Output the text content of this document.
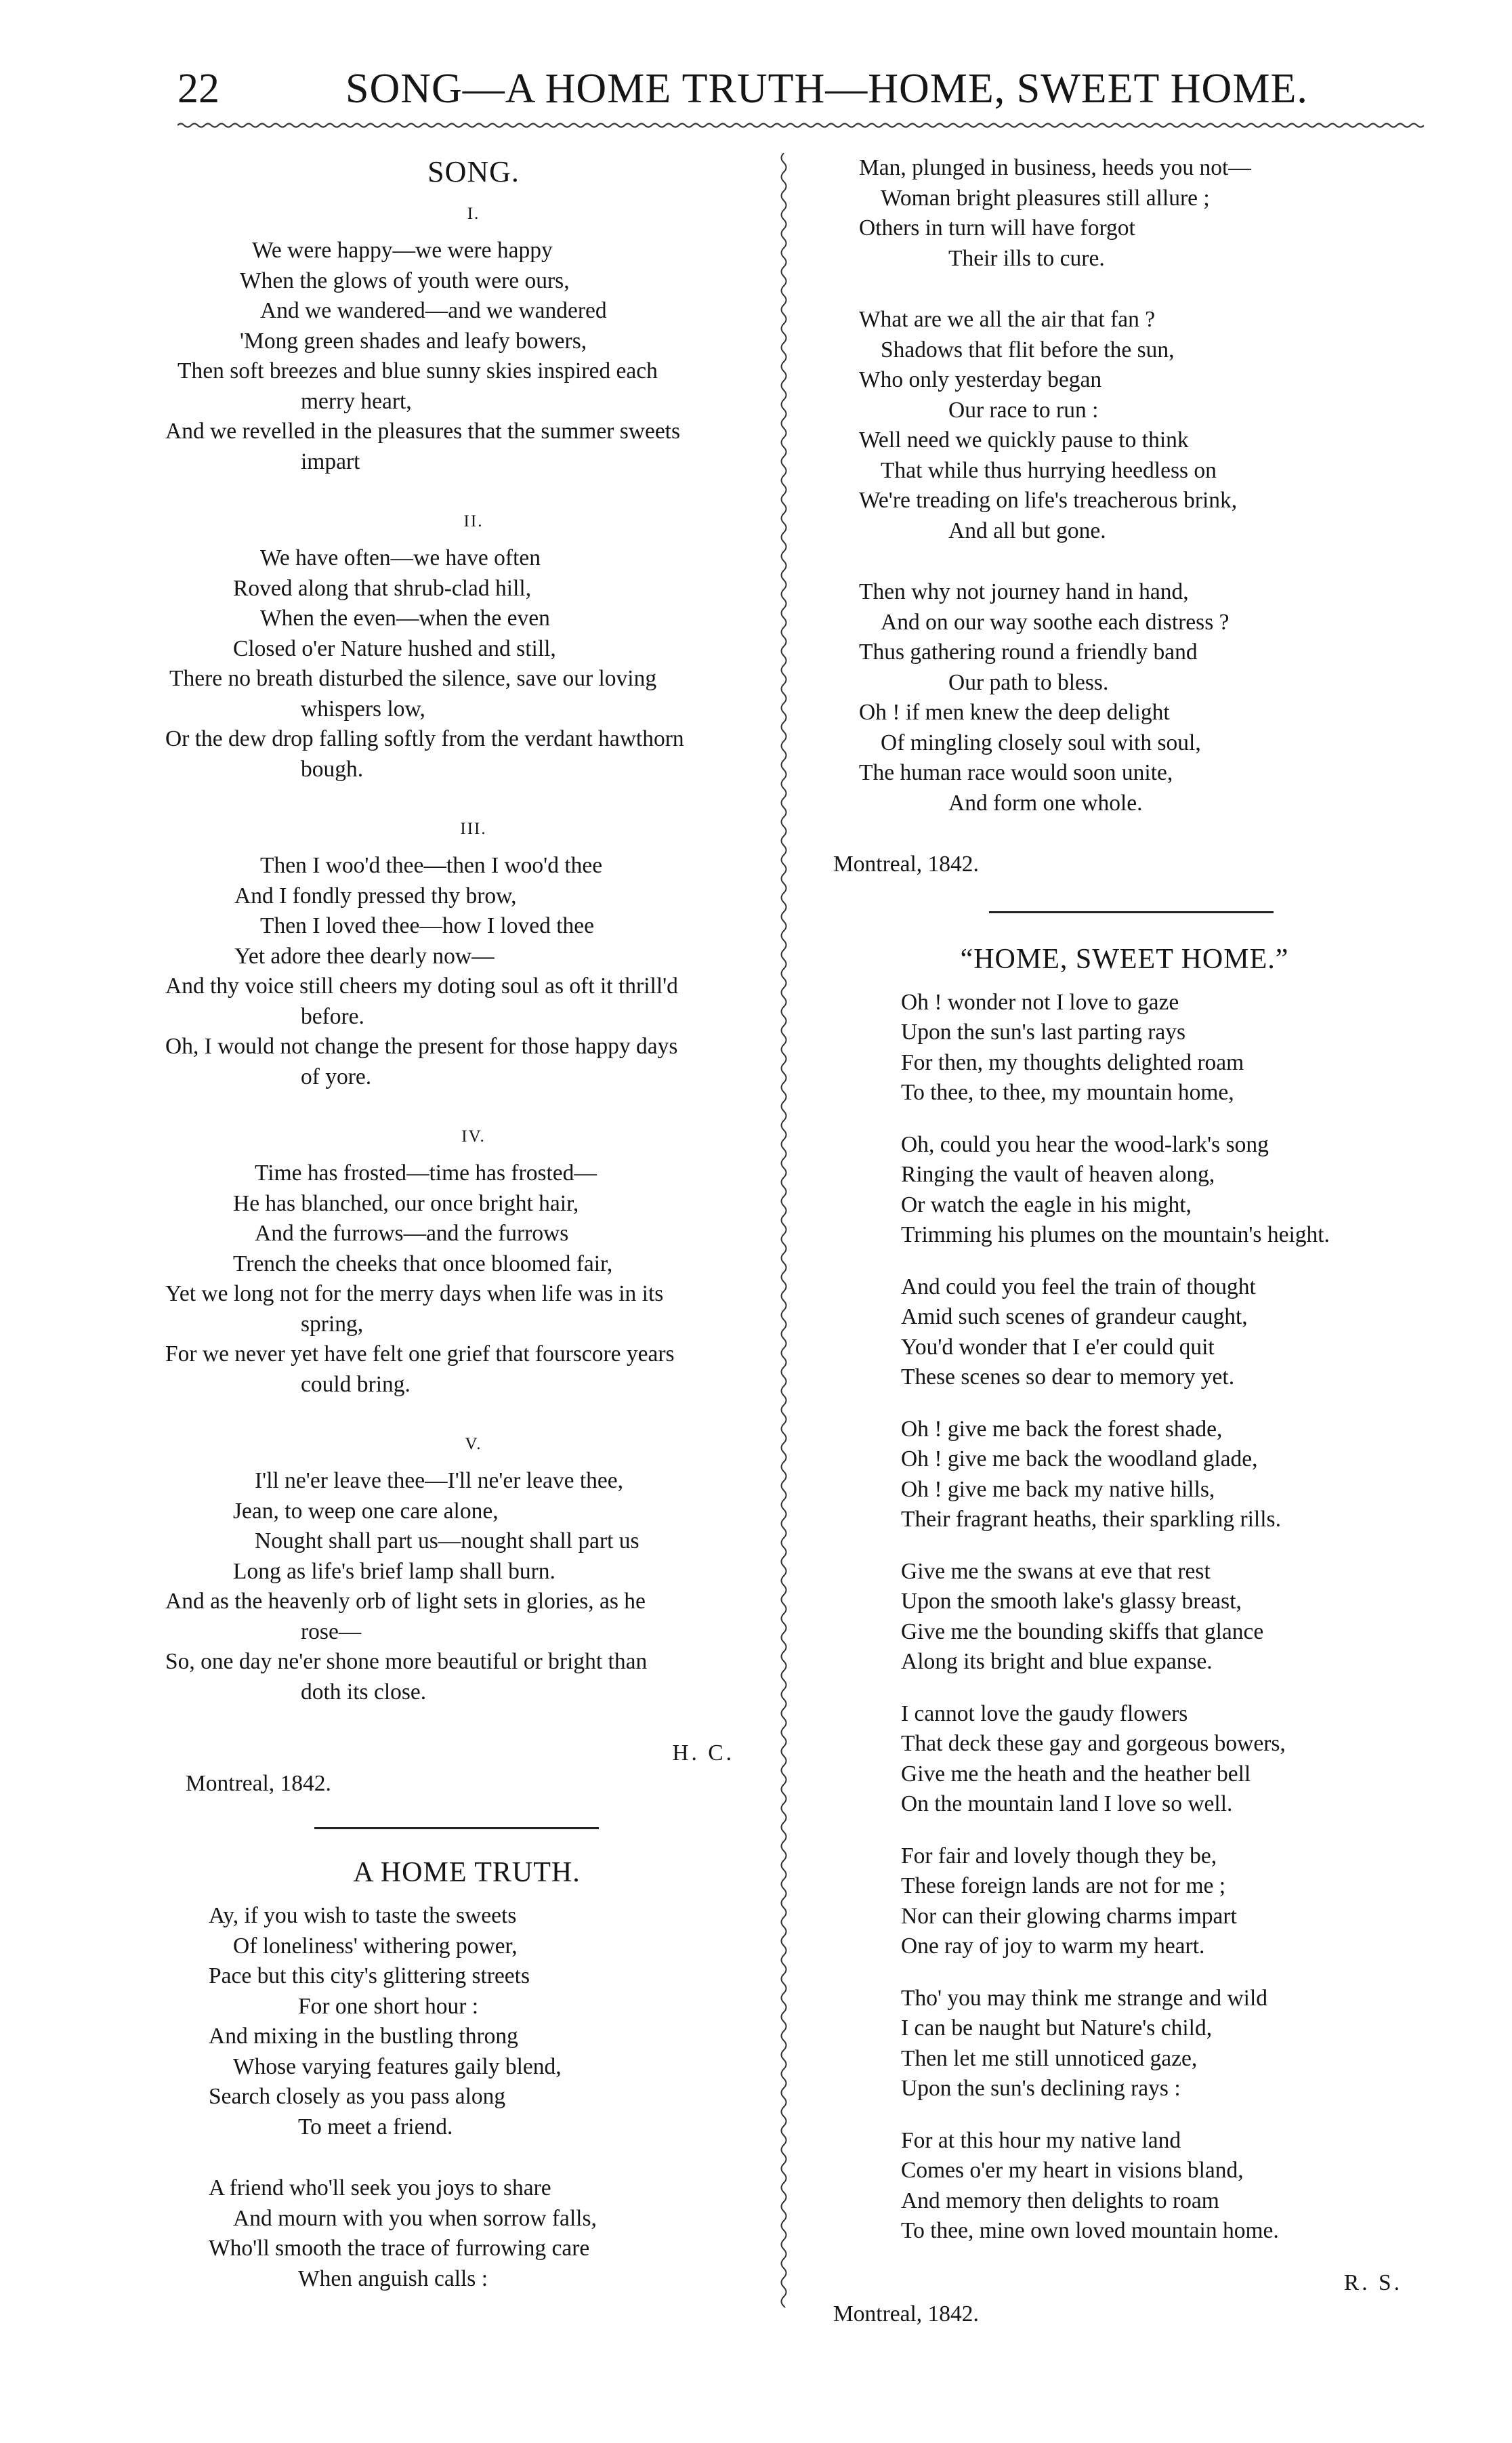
22	SONG—A HOME TRUTH—HOME, SWEET HOME.
SONG.
I.
We were happy—we were happy
When the glows of youth were ours,
And we wandered—and we wandered
'Mong green shades and leafy bowers,
Then soft breezes and blue sunny skies inspired each
merry heart,
And we revelled in the pleasures that the summer sweets
impart
II.
We have often—we have often
Roved along that shrub-clad hill,
When the even—when the even
Closed o'er Nature hushed and still,
There no breath disturbed the silence, save our loving
whispers low,
Or the dew drop falling softly from the verdant hawthorn
bough.
III.
Then I woo'd thee—then I woo'd thee
And I fondly pressed thy brow,
Then I loved thee—how I loved thee
Yet adore thee dearly now—
And thy voice still cheers my doting soul as oft it thrill'd
before.
Oh, I would not change the present for those happy days
of yore.
IV.
Time has frosted—time has frosted—
He has blanched, our once bright hair,
And the furrows—and the furrows
Trench the cheeks that once bloomed fair,
Yet we long not for the merry days when life was in its
spring,
For we never yet have felt one grief that fourscore years
could bring.
V.
I'll ne'er leave thee—I'll ne'er leave thee,
Jean, to weep one care alone,
Nought shall part us—nought shall part us
Long as life's brief lamp shall burn.
And as the heavenly orb of light sets in glories, as he
rose—
So, one day ne'er shone more beautiful or bright than
doth its close.
H. C.
Montreal, 1842.
A HOME TRUTH.
Ay, if you wish to taste the sweets
Of loneliness' withering power,
Pace but this city's glittering streets
For one short hour :
And mixing in the bustling throng
Whose varying features gaily blend,
Search closely as you pass along
To meet a friend.
A friend who'll seek you joys to share
And mourn with you when sorrow falls,
Who'll smooth the trace of furrowing care
When anguish calls :
Man, plunged in business, heeds you not—
Woman bright pleasures still allure ;
Others in turn will have forgot
Their ills to cure.
What are we all the air that fan ?
Shadows that flit before the sun,
Who only yesterday began
Our race to run :
Well need we quickly pause to think
That while thus hurrying heedless on
We're treading on life's treacherous brink,
And all but gone.
Then why not journey hand in hand,
And on our way soothe each distress ?
Thus gathering round a friendly band
Our path to bless.
Oh ! if men knew the deep delight
Of mingling closely soul with soul,
The human race would soon unite,
And form one whole.
Montreal, 1842.
“HOME, SWEET HOME.”
Oh ! wonder not I love to gaze
Upon the sun's last parting rays
For then, my thoughts delighted roam
To thee, to thee, my mountain home,
Oh, could you hear the wood-lark's song
Ringing the vault of heaven along,
Or watch the eagle in his might,
Trimming his plumes on the mountain's height.
And could you feel the train of thought
Amid such scenes of grandeur caught,
You'd wonder that I e'er could quit
These scenes so dear to memory yet.
Oh ! give me back the forest shade,
Oh ! give me back the woodland glade,
Oh ! give me back my native hills,
Their fragrant heaths, their sparkling rills.
Give me the swans at eve that rest
Upon the smooth lake's glassy breast,
Give me the bounding skiffs that glance
Along its bright and blue expanse.
I cannot love the gaudy flowers
That deck these gay and gorgeous bowers,
Give me the heath and the heather bell
On the mountain land I love so well.
For fair and lovely though they be,
These foreign lands are not for me ;
Nor can their glowing charms impart
One ray of joy to warm my heart.
Tho' you may think me strange and wild
I can be naught but Nature's child,
Then let me still unnoticed gaze,
Upon the sun's declining rays :
For at this hour my native land
Comes o'er my heart in visions bland,
And memory then delights to roam
To thee, mine own loved mountain home.
R. S.
Montreal, 1842.
